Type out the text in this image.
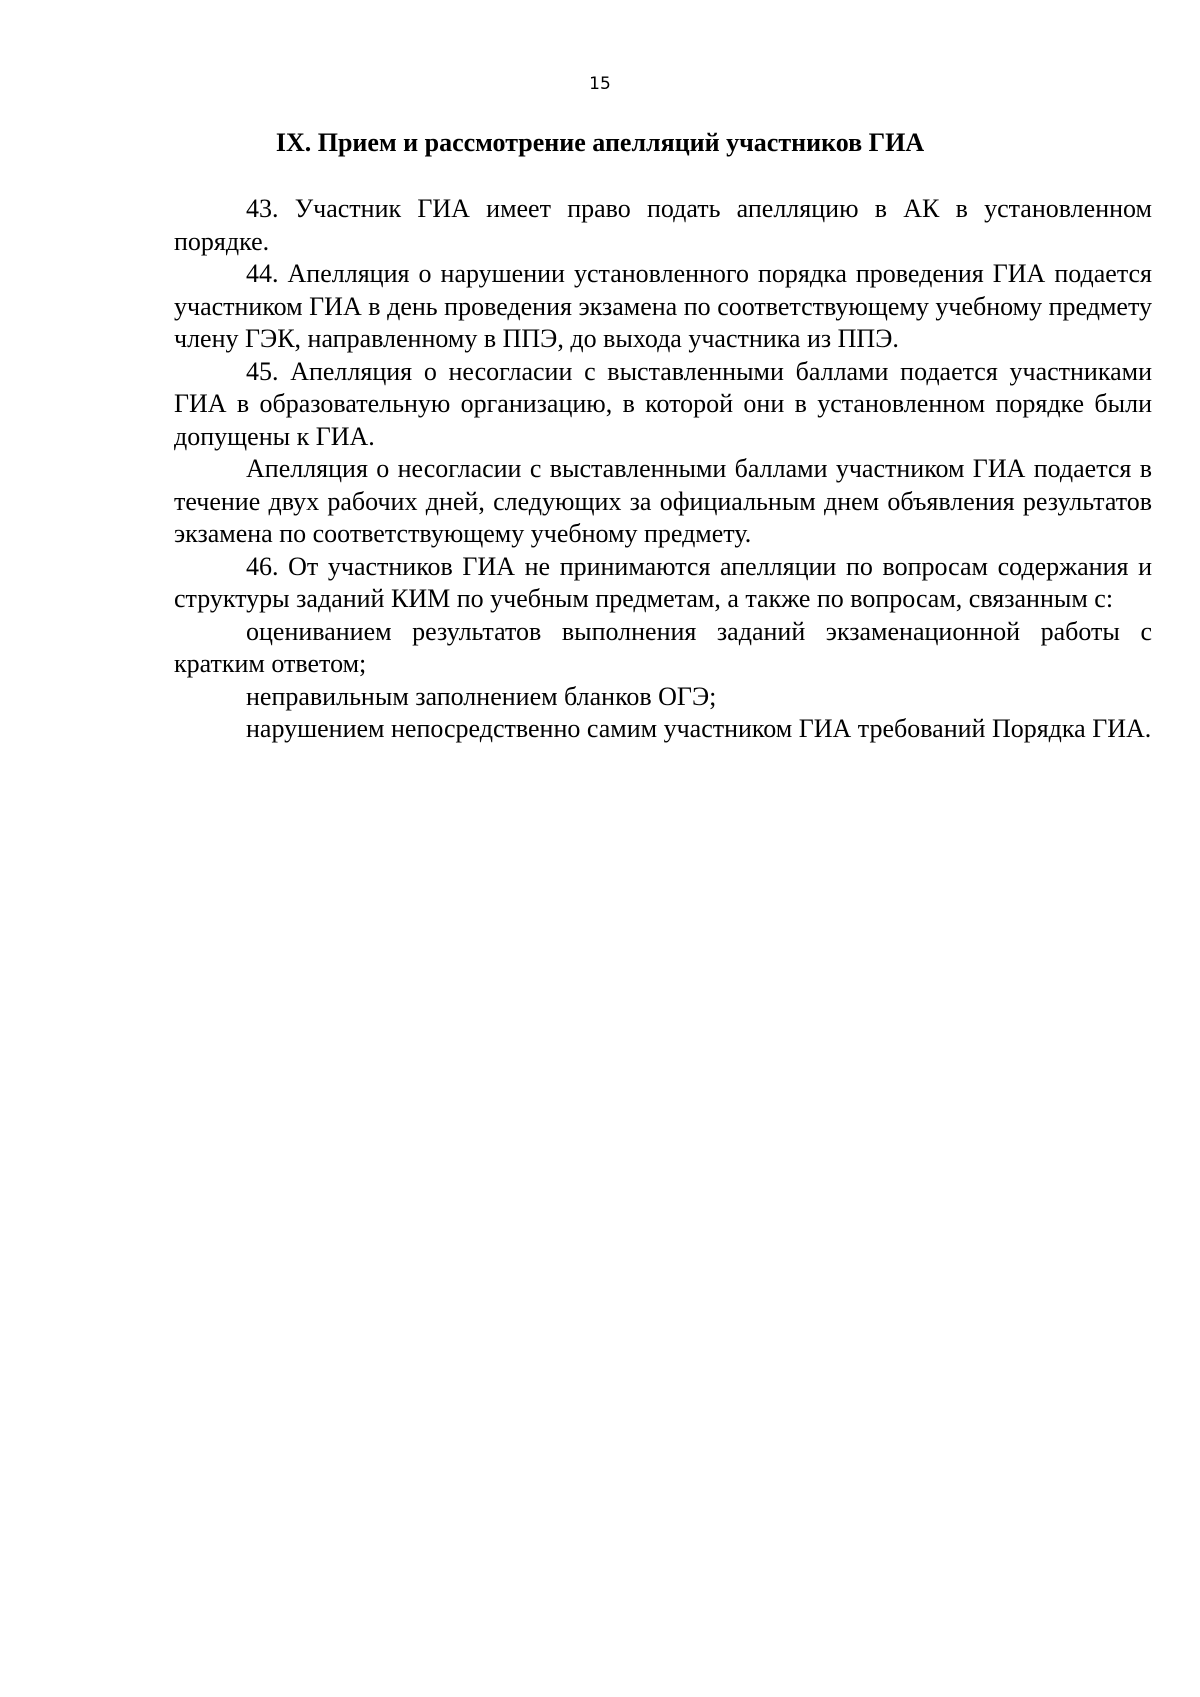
15
IX. Прием и рассмотрение апелляций участников ГИА

43. Участник ГИА имеет право подать апелляцию в АК в установленном порядке.

44. Апелляция о нарушении установленного порядка проведения ГИА подается участником ГИА в день проведения экзамена по соответствующему учебному предмету члену ГЭК, направленному в ППЭ, до выхода участника из ППЭ.

45. Апелляция о несогласии с выставленными баллами подается участниками ГИА в образовательную организацию, в которой они в установленном порядке были допущены к ГИА.

Апелляция о несогласии с выставленными баллами участником ГИА подается в течение двух рабочих дней, следующих за официальным днем объявления результатов экзамена по соответствующему учебному предмету.

46. От участников ГИА не принимаются апелляции по вопросам содержания и структуры заданий КИМ по учебным предметам, а также по вопросам, связанным с:

оцениванием результатов выполнения заданий экзаменационной работы с кратким ответом;

неправильным заполнением бланков ОГЭ;

нарушением непосредственно самим участником ГИА требований Порядка ГИА.
